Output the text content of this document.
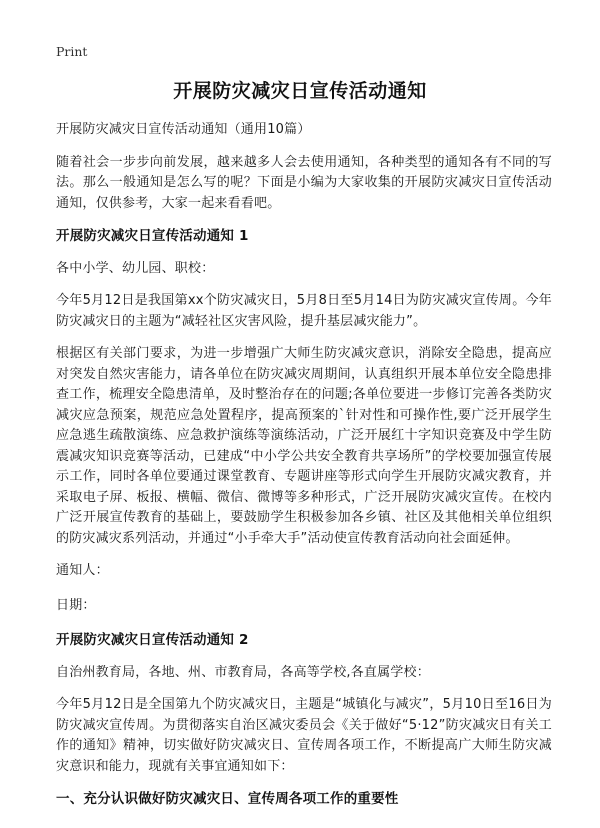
Print
开展防灾减灾日宣传活动通知

开展防灾减灾日宣传活动通知（通用10篇）

随着社会一步步向前发展，越来越多人会去使用通知，各种类型的通知各有不同的写法。那么一般通知是怎么写的呢？下面是小编为大家收集的开展防灾减灾日宣传活动通知，仅供参考，大家一起来看看吧。

开展防灾减灾日宣传活动通知 1

各中小学、幼儿园、职校：

今年5月12日是我国第xx个防灾减灾日，5月8日至5月14日为防灾减灾宣传周。今年防灾减灾日的主题为“减轻社区灾害风险，提升基层减灾能力”。

根据区有关部门要求，为进一步增强广大师生防灾减灾意识，消除安全隐患，提高应对突发自然灾害能力，请各单位在防灾减灾周期间，认真组织开展本单位安全隐患排查工作，梳理安全隐患清单，及时整治存在的问题;各单位要进一步修订完善各类防灾减灾应急预案，规范应急处置程序，提高预案的`针对性和可操作性,要广泛开展学生应急逃生疏散演练、应急救护演练等演练活动，广泛开展红十字知识竞赛及中学生防震减灾知识竞赛等活动，已建成“中小学公共安全教育共享场所”的学校要加强宣传展示工作，同时各单位要通过课堂教育、专题讲座等形式向学生开展防灾减灾教育，并采取电子屏、板报、横幅、微信、微博等多种形式，广泛开展防灾减灾宣传。在校内广泛开展宣传教育的基础上，要鼓励学生积极参加各乡镇、社区及其他相关单位组织的防灾减灾系列活动，并通过“小手牵大手”活动使宣传教育活动向社会面延伸。

通知人：

日期：

开展防灾减灾日宣传活动通知 2

自治州教育局，各地、州、市教育局，各高等学校,各直属学校：

今年5月12日是全国第九个防灾减灾日，主题是“城镇化与减灾”，5月10日至16日为防灾减灾宣传周。为贯彻落实自治区减灾委员会《关于做好“5·12”防灾减灾日有关工作的通知》精神，切实做好防灾减灾日、宣传周各项工作，不断提高广大师生防灾减灾意识和能力，现就有关事宜通知如下：

一、充分认识做好防灾减灾日、宣传周各项工作的重要性
